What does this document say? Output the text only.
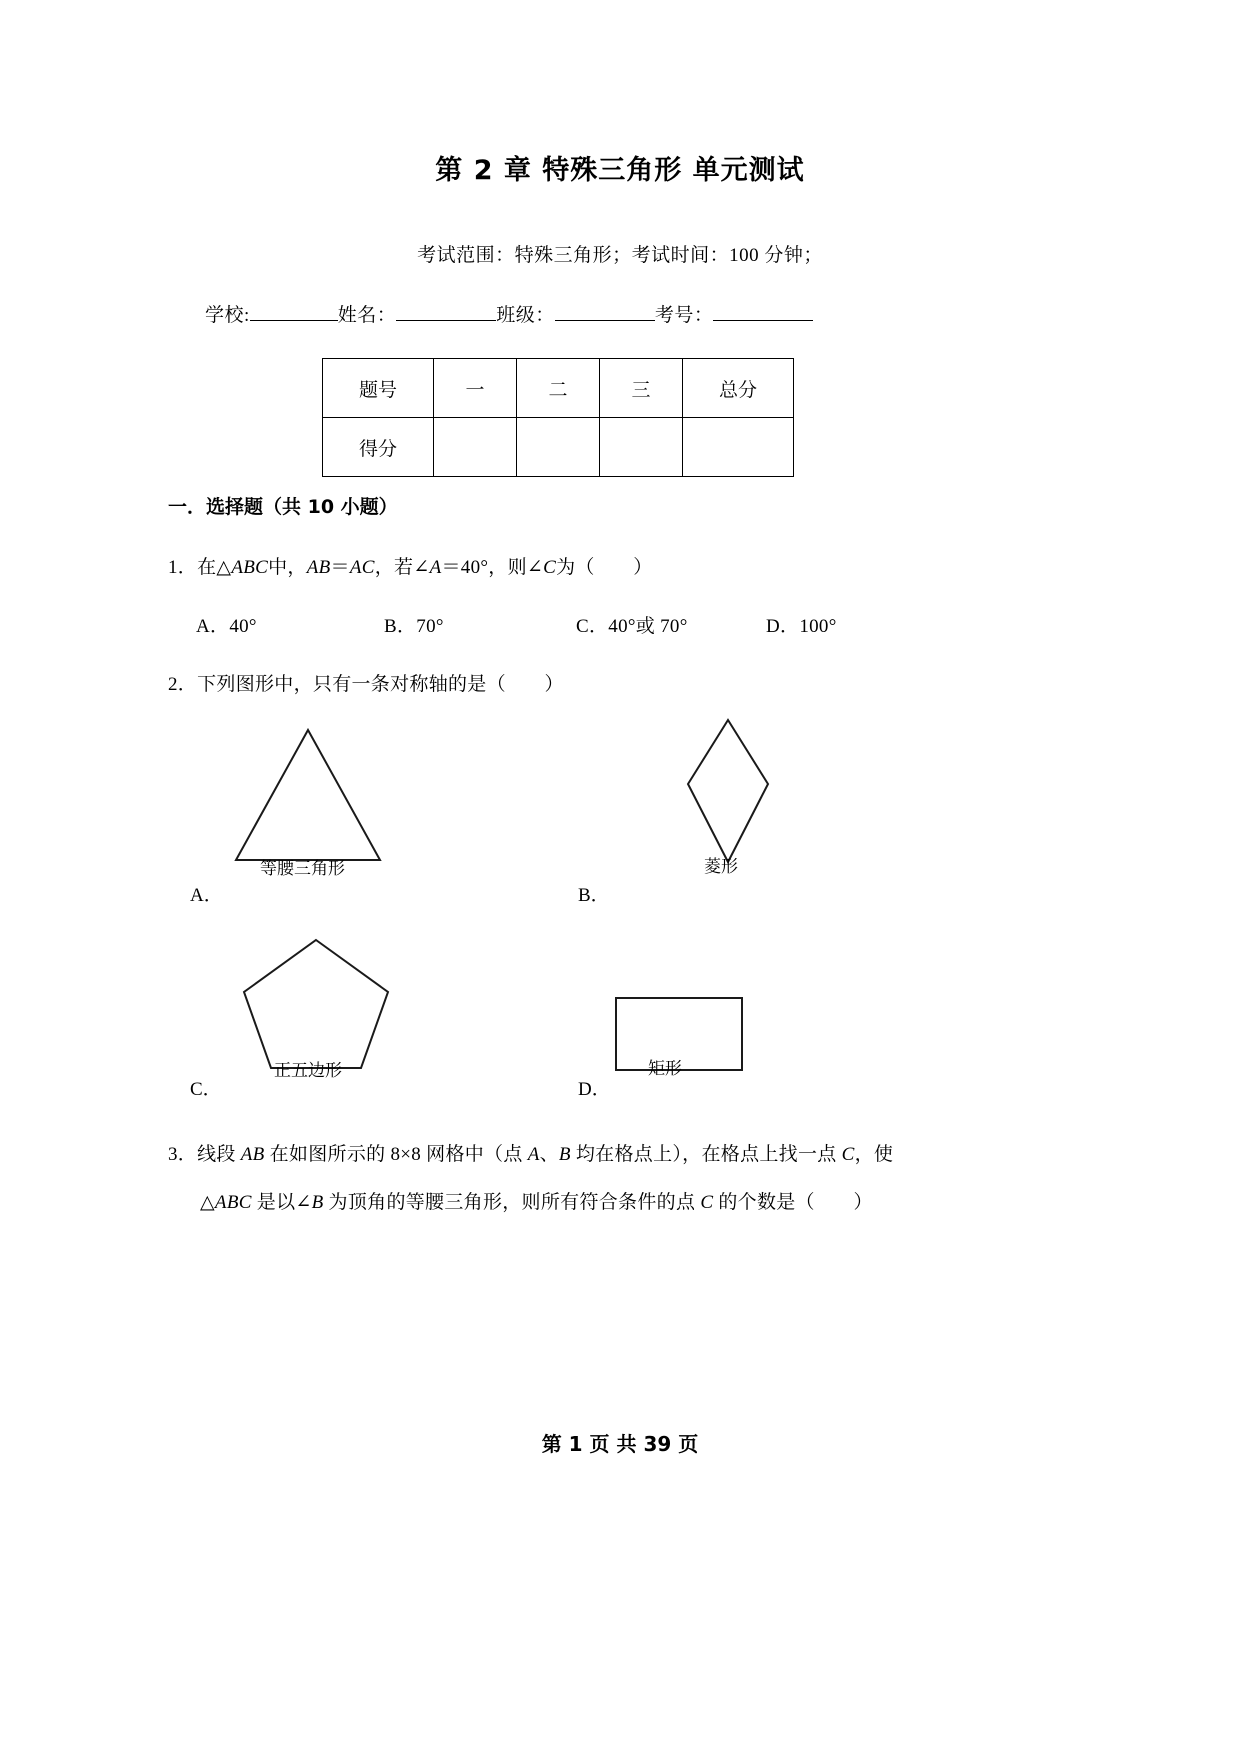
第 2 章 特殊三角形 单元测试
考试范围：特殊三角形；考试时间：100 分钟；
学校:	姓名：	班级：	考号：
题号	一	二	三	总分
得分				
一．选择题（共 10 小题）
1．在△ABC中，AB＝AC，若∠A＝40°，则∠C为（　　）
A．40°	B．70°	C．40°或 70°	D．100°
2．下列图形中，只有一条对称轴的是（　　）
等腰三角形
A．
菱形
B．
正五边形
C．
矩形
D．
3．线段 AB 在如图所示的 8×8 网格中（点 A、B 均在格点上），在格点上找一点 C，使
△ABC 是以∠B 为顶角的等腰三角形，则所有符合条件的点 C 的个数是（　　）
第 1 页 共 39 页
